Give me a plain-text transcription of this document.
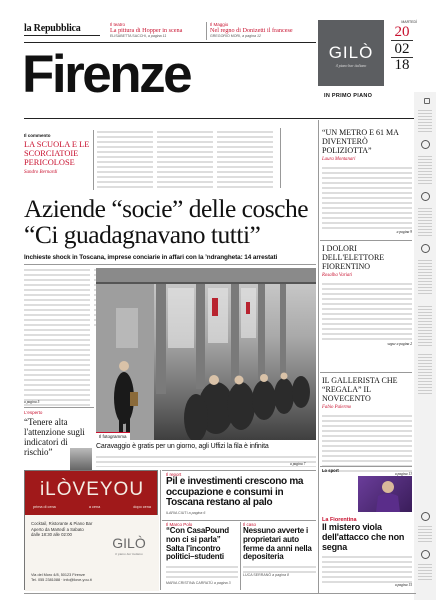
la Repubblica	Il teatro
La pittura di Hopper in scena
ELISABETTA SACCHI, a pagina 11
Il Maggio
Nel regno di Donizetti il francese
GREGORIO MORI, a pagina 12
Firenze	GILÒ
il piano bar italiano
MARTEDÌ
20
02
18
IN PRIMO PIANO
Il commento
LA SCUOLA E LE SCORCIATOIE PERICOLOSE
Sandro Bernardi
“UN METRO E 61 MA DIVENTERÒ POLIZIOTTA”
Laura Montanari
a pagina 9
Aziende “socie” delle cosche
“Ci guadagnavano tutti”
Inchieste shock in Toscana, imprese conciarie in affari con la ’ndrangheta: 14 arrestati
a pagina 5
Il fotogramma
Caravaggio è gratis per un giorno, agli Uffizi la fila è infinita
a pagina 7
L'esperto
“Tenere alta l'attenzione sugli indicatori di rischio”
iLÒVEYOU
prima di cena	a cena	dopo cena
Cocktail, Ristorante & Piano Bar
Aperto da Martedì a Sabato
dalle 18:30 alle 02:00
GILÒ
il piano bar italiano
Via del Moro 4/8, 50123 Firenze
Tel. 055 2381088 · info@ilove-you.it
Il report
Pil e investimenti crescono ma occupazione e consumi in Toscana restano al palo
ILARIA CIUTI a pagina 6
Il Marco Polo
“Con CasaPound non ci si parla” Salta l'incontro politici–studenti
MARIA CRISTINA CARRATÙ a pagina 3
Il caso
Nessuno avverte i proprietari auto ferme da anni nella depositeria
LUCA SERRANÒ a pagina 8
I DOLORI DELL'ELETTORE FIORENTINO
Rosalba Variati
segue a pagina 2
IL GALLERISTA CHE “REGALA” IL NOVECENTO
Fabio Palermo
a pagina 13
Lo sport
La Fiorentina
Il mistero viola dell'attacco che non segna
a pagina 15
